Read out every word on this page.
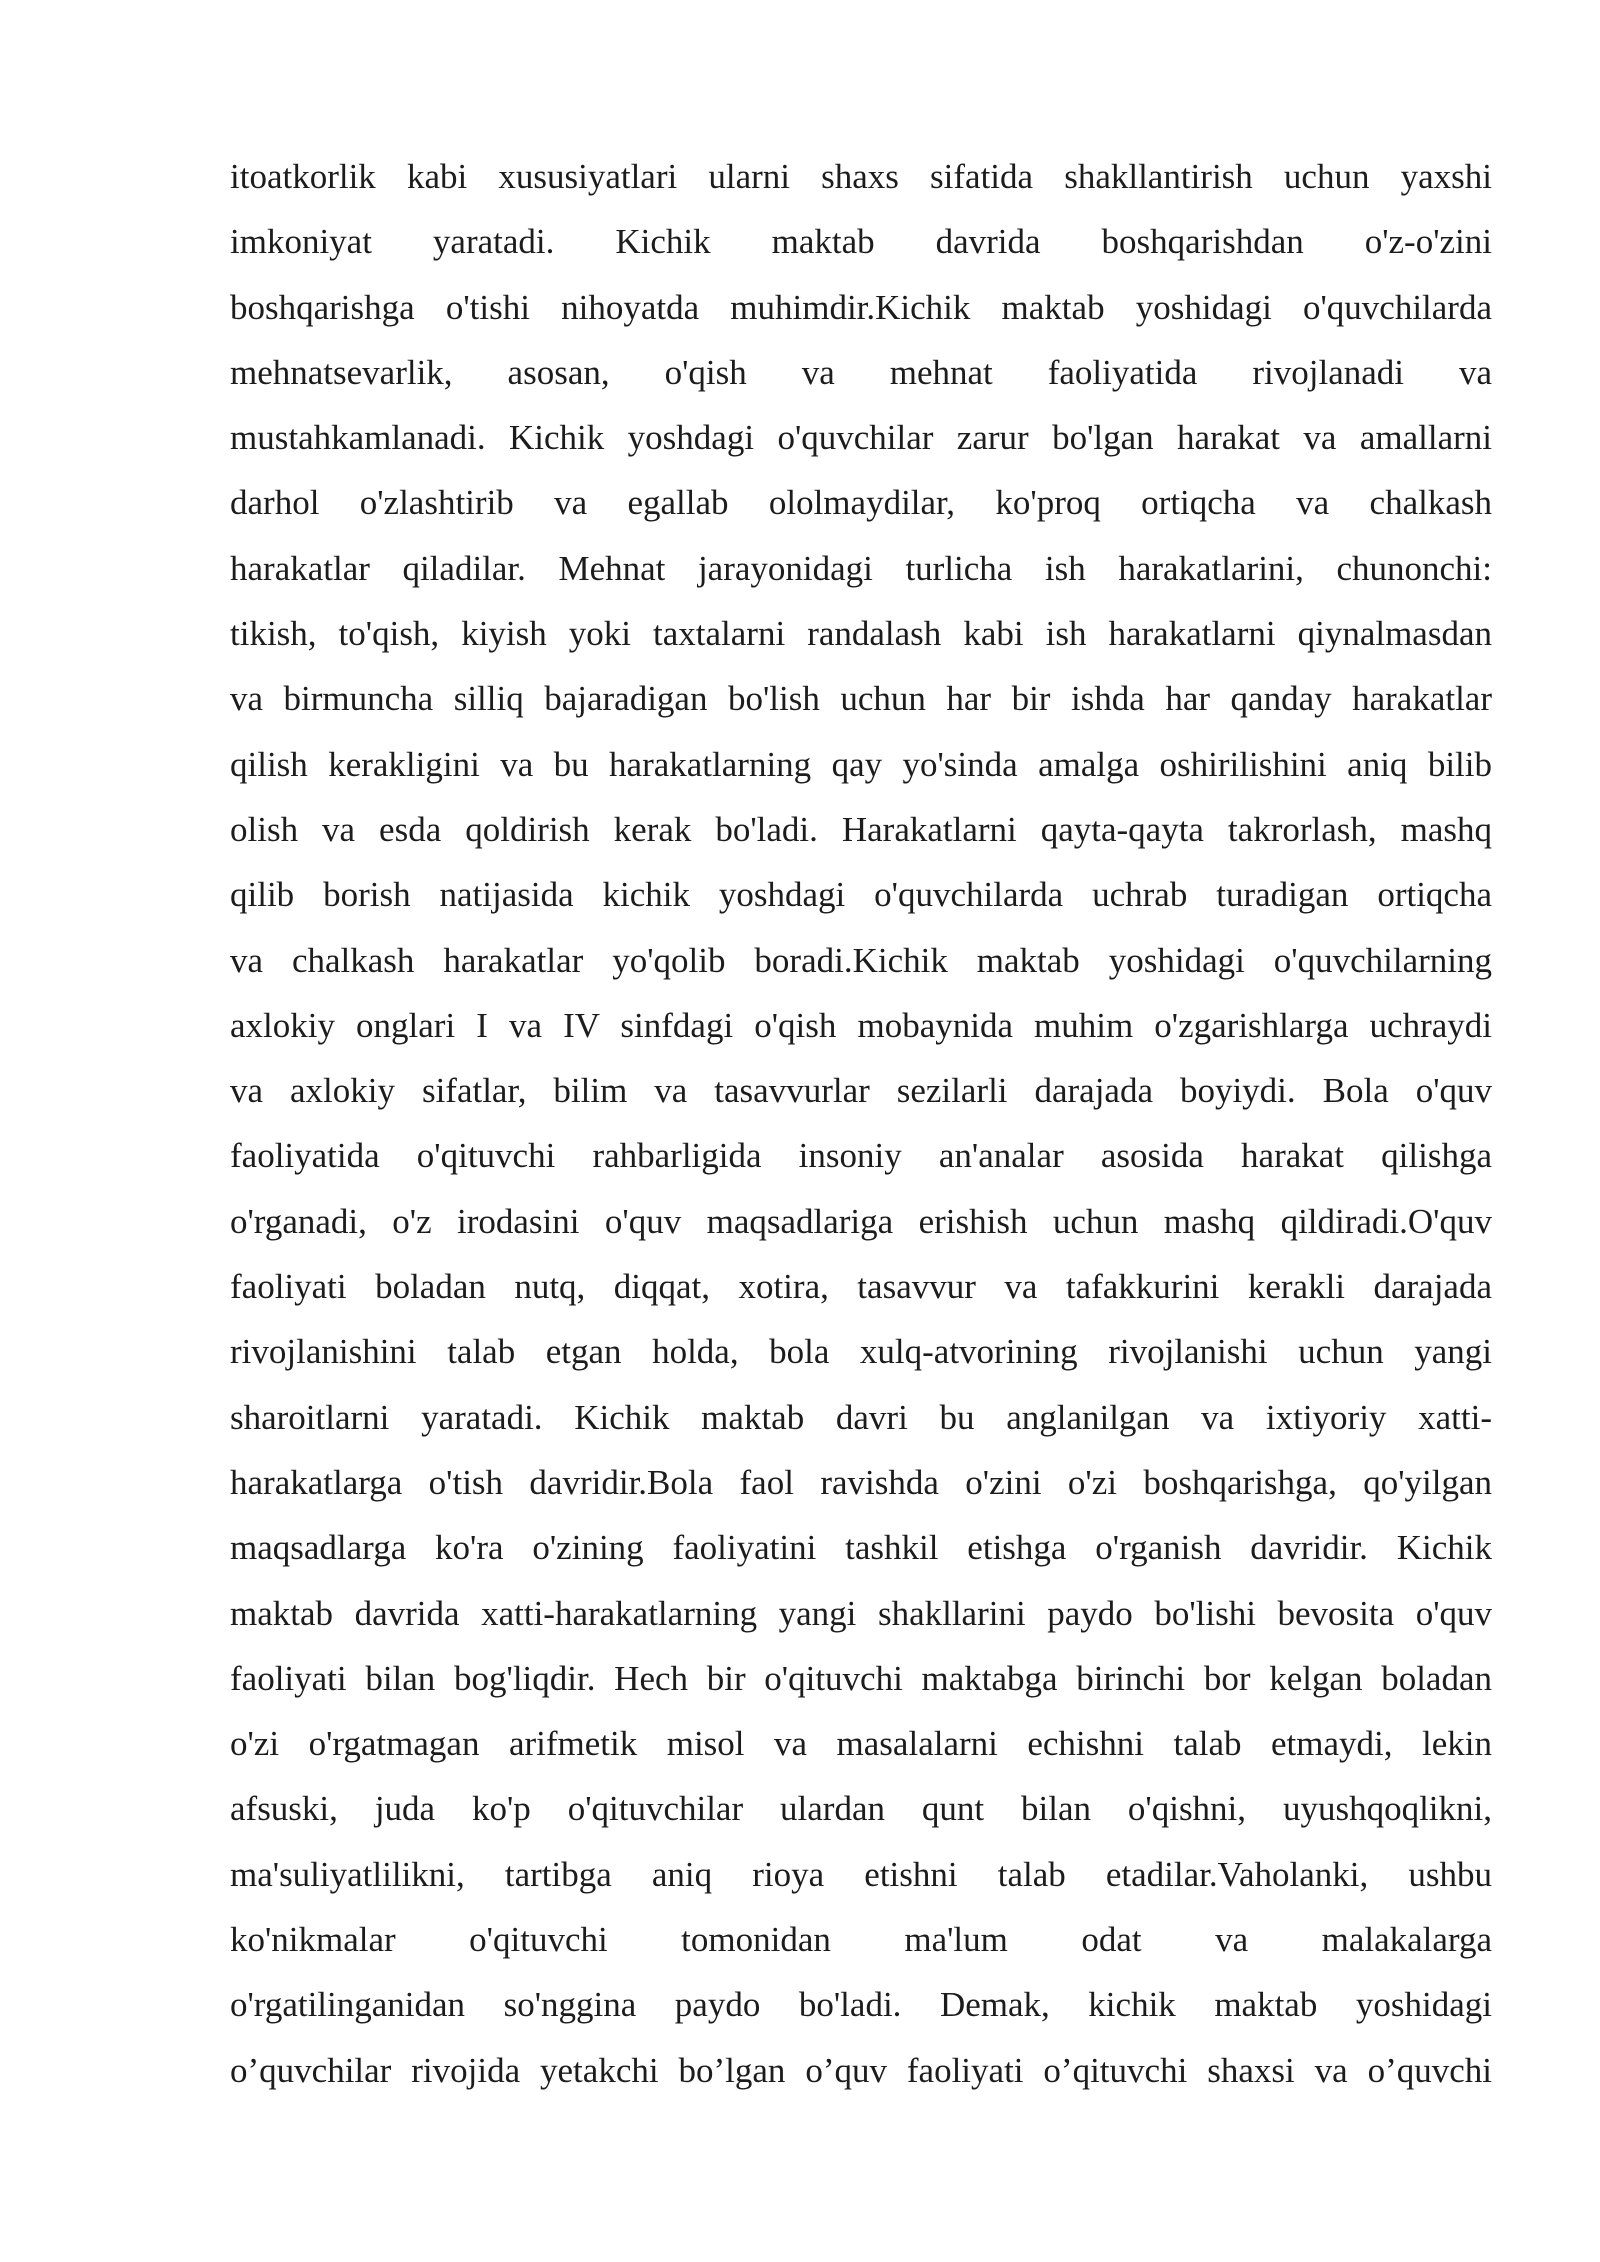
itoatkorlik kabi xususiyatlari ularni shaxs sifatida shakllantirish uchun yaxshi
imkoniyat yaratadi. Kichik maktab davrida boshqarishdan o'z-o'zini
boshqarishga o'tishi nihoyatda muhimdir.Kichik maktab yoshidagi o'quvchilarda
mehnatsevarlik, asosan, o'qish va mehnat faoliyatida rivojlanadi va
mustahkamlanadi. Kichik yoshdagi o'quvchilar zarur bo'lgan harakat va amallarni
darhol o'zlashtirib va egallab ololmaydilar, ko'proq ortiqcha va chalkash
harakatlar qiladilar. Mehnat jarayonidagi turlicha ish harakatlarini, chunonchi:
tikish, to'qish, kiyish yoki taxtalarni randalash kabi ish harakatlarni qiynalmasdan
va birmuncha silliq bajaradigan bo'lish uchun har bir ishda har qanday harakatlar
qilish kerakligini va bu harakatlarning qay yo'sinda amalga oshirilishini aniq bilib
olish va esda qoldirish kerak bo'ladi. Harakatlarni qayta-qayta takrorlash, mashq
qilib borish natijasida kichik yoshdagi o'quvchilarda uchrab turadigan ortiqcha
va chalkash harakatlar yo'qolib boradi.Kichik maktab yoshidagi o'quvchilarning
axlokiy onglari I va IV sinfdagi o'qish mobaynida muhim o'zgarishlarga uchraydi
va axlokiy sifatlar, bilim va tasavvurlar sezilarli darajada boyiydi. Bola o'quv
faoliyatida o'qituvchi rahbarligida insoniy an'analar asosida harakat qilishga
o'rganadi, o'z irodasini o'quv maqsadlariga erishish uchun mashq qildiradi.O'quv
faoliyati boladan nutq, diqqat, xotira, tasavvur va tafakkurini kerakli darajada
rivojlanishini talab etgan holda, bola xulq-atvorining rivojlanishi uchun yangi
sharoitlarni yaratadi. Kichik maktab davri bu anglanilgan va ixtiyoriy xatti-
harakatlarga o'tish davridir.Bola faol ravishda o'zini o'zi boshqarishga, qo'yilgan
maqsadlarga ko'ra o'zining faoliyatini tashkil etishga o'rganish davridir. Kichik
maktab davrida xatti-harakatlarning yangi shakllarini paydo bo'lishi bevosita o'quv
faoliyati bilan bog'liqdir. Hech bir o'qituvchi maktabga birinchi bor kelgan boladan
o'zi o'rgatmagan arifmetik misol va masalalarni echishni talab etmaydi, lekin
afsuski, juda ko'p o'qituvchilar ulardan qunt bilan o'qishni, uyushqoqlikni,
ma'suliyatlilikni, tartibga aniq rioya etishni talab etadilar.Vaholanki, ushbu
ko'nikmalar o'qituvchi tomonidan ma'lum odat va malakalarga
o'rgatilinganidan so'nggina paydo bo'ladi. Demak, kichik maktab yoshidagi
o’quvchilar rivojida yetakchi bo’lgan o’quv faoliyati o’qituvchi shaxsi va o’quvchi
